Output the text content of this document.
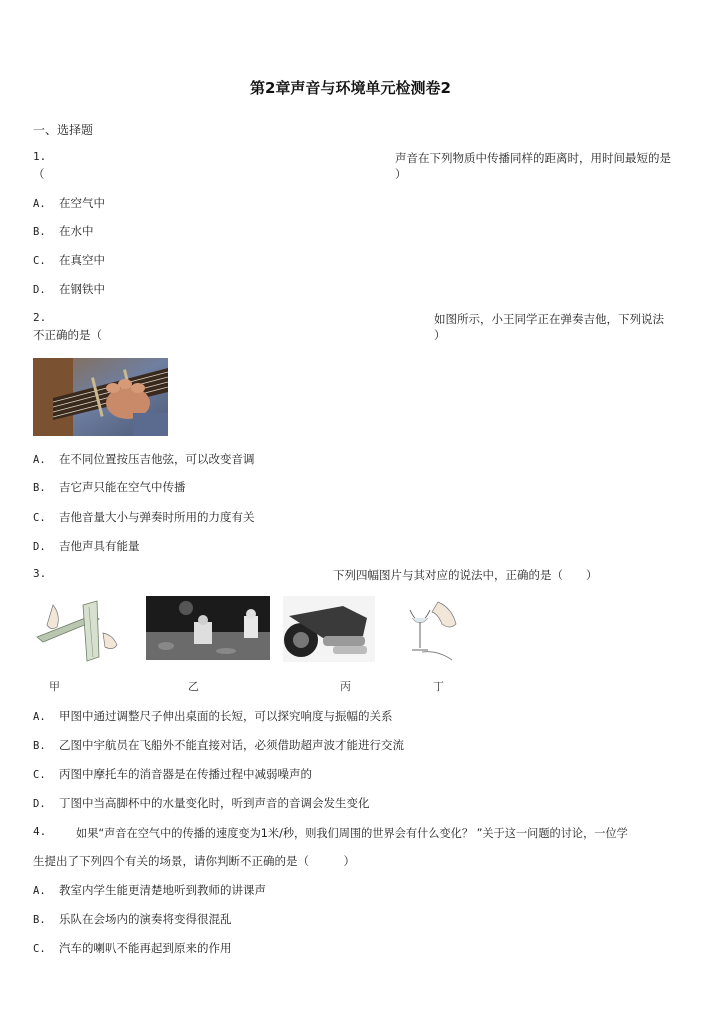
第2章声音与环境单元检测卷2
一、选择题
1.	声音在下列物质中传播同样的距离时，用时间最短的是
（	）
A. 在空气中
B. 在水中
C. 在真空中
D. 在钢铁中
2.	如图所示，小王同学正在弹奏吉他，下列说法
不正确的是（	）
A. 在不同位置按压吉他弦，可以改变音调
B. 吉它声只能在空气中传播
C. 吉他音量大小与弹奏时所用的力度有关
D. 吉他声具有能量
3.	下列四幅图片与其对应的说法中，正确的是（　　）
甲	乙	丙	丁
A. 甲图中通过调整尺子伸出桌面的长短，可以探究响度与振幅的关系
B. 乙图中宇航员在飞船外不能直接对话，必须借助超声波才能进行交流
C. 丙图中摩托车的消音器是在传播过程中减弱噪声的
D. 丁图中当高脚杯中的水量变化时，听到声音的音调会发生变化
4.	如果“声音在空气中的传播的速度变为1米/秒，则我们周围的世界会有什么变化？ ”关于这一问题的讨论，一位学
生提出了下列四个有关的场景，请你判断不正确的是（　　　）
A. 教室内学生能更清楚地听到教师的讲课声
B. 乐队在会场内的演奏将变得很混乱
C. 汽车的喇叭不能再起到原来的作用
